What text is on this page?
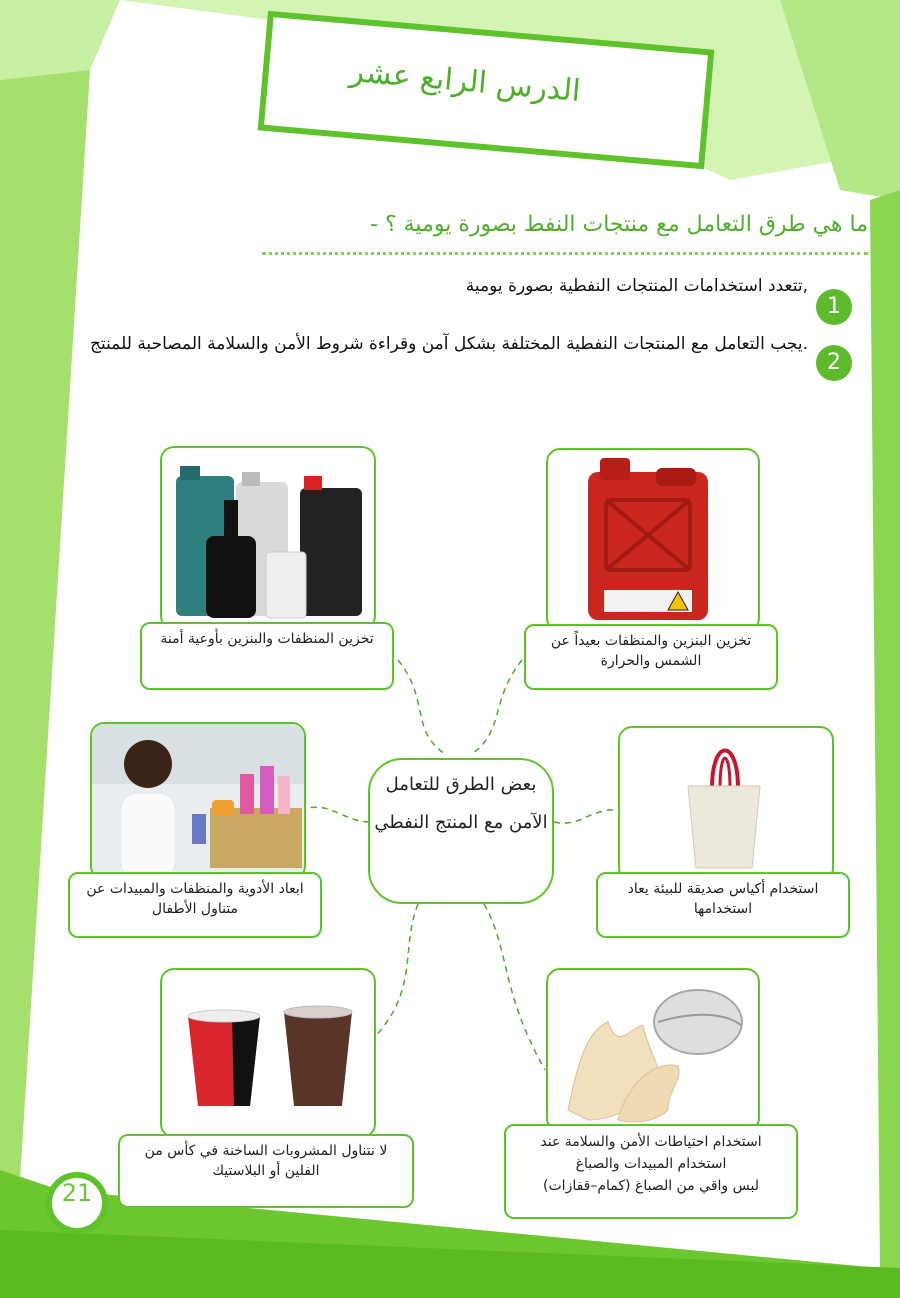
الدرس الرابع عشر
ما هي طرق التعامل مع منتجات النفط بصورة يومية ؟ -
,تتعدد استخدامات المنتجات النفطية بصورة يومية
1
.يجب التعامل مع المنتجات النفطية المختلفة بشكل آمن وقراءة شروط الأمن والسلامة المصاحبة للمنتج
2
تخزين البنزين والمنظفات بعيداً عن
الشمس والحرارة
تخزين المنظفات والبنزين بأوعية أمنة
استخدام أكياس صديقة للبيئة يعاد
استخدامها
ابعاد الأدوية والمنظفات والمبيدات عن
متناول الأطفال
بعض الطرق للتعامل
الآمن مع المنتج النفطي
استخدام احتياطات الأمن والسلامة عند
استخدام المبيدات والصباغ
لبس واقي من الصباغ (كمام–قفازات)
لا نتناول المشروبات الساخنة في كأس من
الفلين أو البلاستيك
21
